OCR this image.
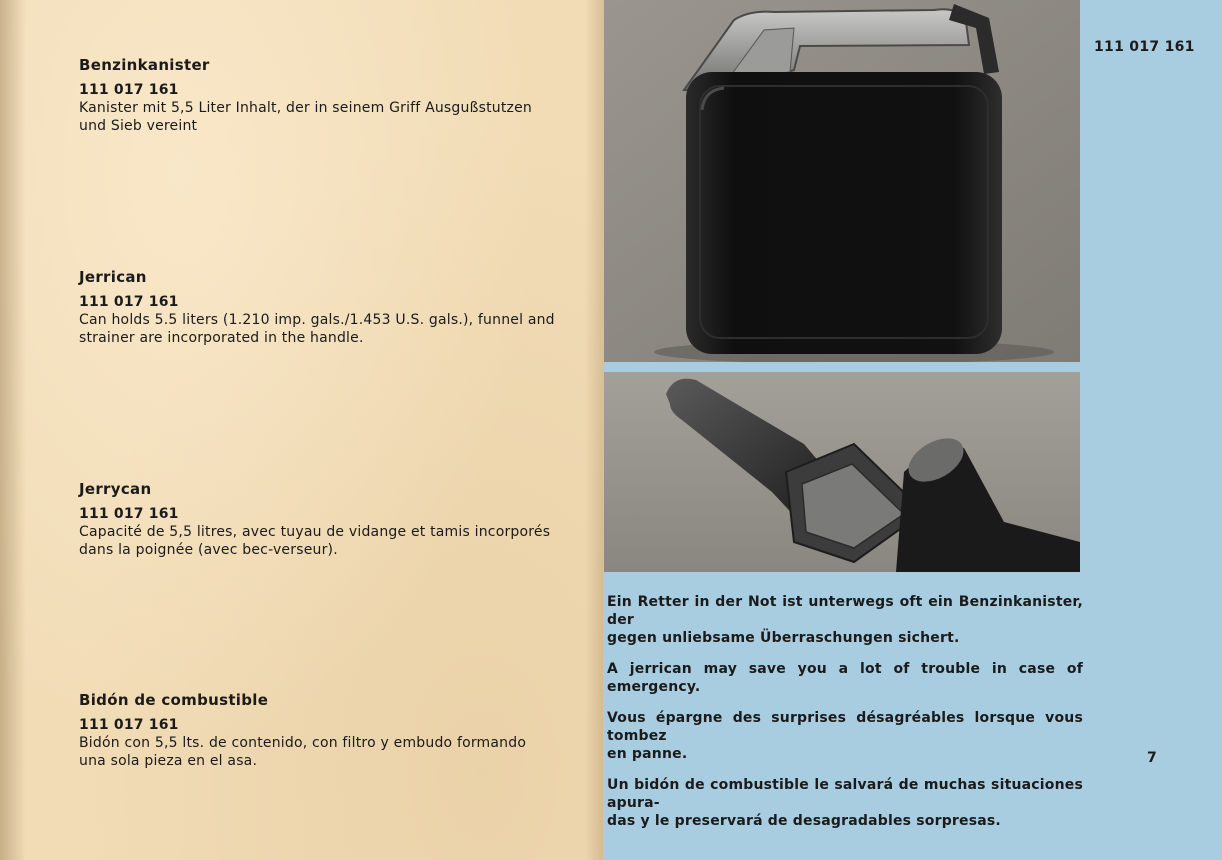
Benzinkanister
111 017 161

Kanister mit 5,5 Liter Inhalt, der in seinem Griff Ausgußstutzen

und Sieb vereint

Jerrican
111 017 161

Can holds 5.5 liters (1.210 imp. gals./1.453 U.S. gals.), funnel and

strainer are incorporated in the handle.

Jerrycan
111 017 161

Capacité de 5,5 litres, avec tuyau de vidange et tamis incorporés

dans la poignée (avec bec-verseur).

Bidón de combustible
111 017 161

Bidón con 5,5 lts. de contenido, con filtro y embudo formando

una sola pieza en el asa.

111 017 161
7

Ein Retter in der Not ist unterwegs oft ein Benzinkanister, der
gegen unliebsame Überraschungen sichert.

A jerrican may save you a lot of trouble in case of emergency.

Vous épargne des surprises désagréables lorsque vous tombez
en panne.

Un bidón de combustible le salvará de muchas situaciones apura-
das y le preservará de desagradables sorpresas.
